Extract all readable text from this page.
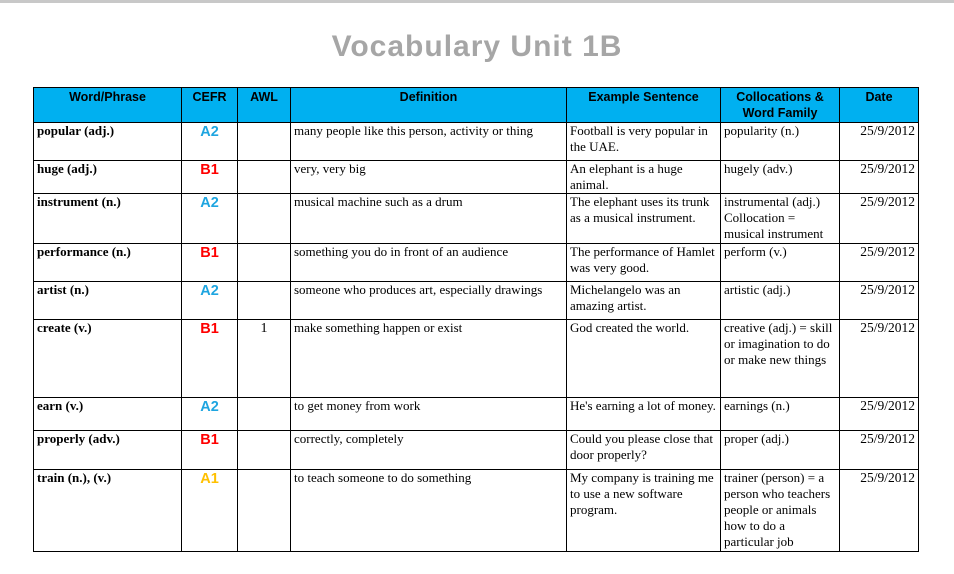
Vocabulary Unit 1B
Word/Phrase	CEFR	AWL	Definition	Example Sentence	Collocations & Word Family	Date
popular (adj.)	A2		many people like this person, activity or thing	Football is very popular in the UAE.	popularity (n.)	25/9/2012
huge (adj.)	B1		very, very big	An elephant is a huge animal.	hugely (adv.)	25/9/2012
instrument (n.)	A2		musical machine such as a drum	The elephant uses its trunk as a musical instrument.	instrumental (adj.) Collocation = musical instrument	25/9/2012
performance (n.)	B1		something you do in front of an audience	The performance of Hamlet was very good.	perform (v.)	25/9/2012
artist (n.)	A2		someone who produces art, especially drawings	Michelangelo was an amazing artist.	artistic (adj.)	25/9/2012
create (v.)	B1	1	make something happen or exist	God created the world.	creative (adj.) = skill or imagination to do or make new things	25/9/2012
earn (v.)	A2		to get money from work	He's earning a lot of money.	earnings (n.)	25/9/2012
properly (adv.)	B1		correctly, completely	Could you please close that door properly?	proper (adj.)	25/9/2012
train (n.), (v.)	A1		to teach someone to do something	My company is training me to use a new software program.	trainer (person) = a person who teachers people or animals how to do a particular job	25/9/2012
